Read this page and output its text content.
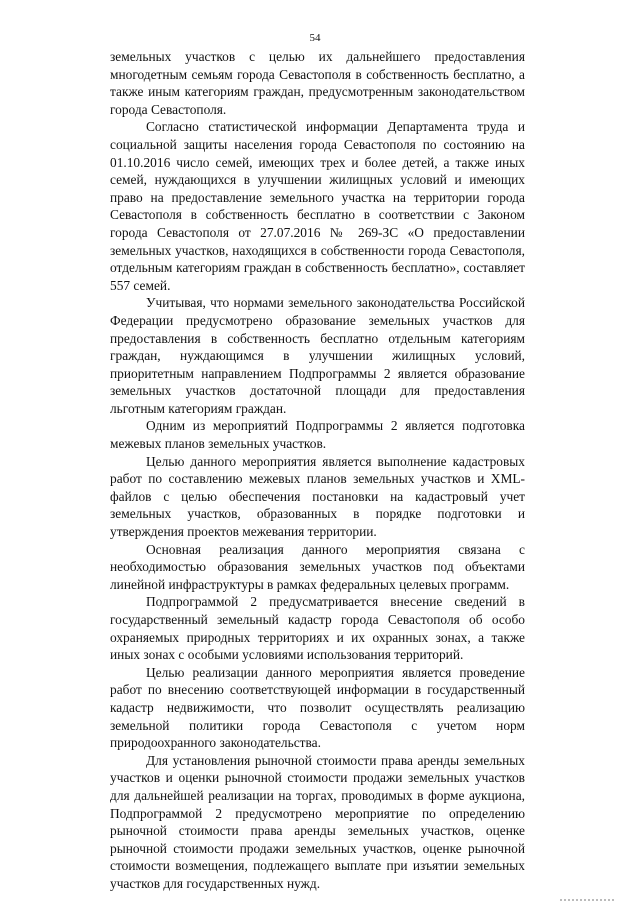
54

земельных участков с целью их дальнейшего предоставления многодетным семьям города Севастополя в собственность бесплатно, а также иным категориям граждан, предусмотренным законодательством города Севастополя.

Согласно статистической информации Департамента труда и социальной защиты населения города Севастополя по состоянию на 01.10.2016 число семей, имеющих трех и более детей, а также иных семей, нуждающихся в улучшении жилищных условий и имеющих право на предоставление земельного участка на территории города Севастополя в собственность бесплатно в соответствии с Законом города Севастополя от 27.07.2016 № 269-ЗС «О предоставлении земельных участков, находящихся в собственности города Севастополя, отдельным категориям граждан в собственность бесплатно», составляет 557 семей.

Учитывая, что нормами земельного законодательства Российской Федерации предусмотрено образование земельных участков для предоставления в собственность бесплатно отдельным категориям граждан, нуждающимся в улучшении жилищных условий, приоритетным направлением Подпрограммы 2 является образование земельных участков достаточной площади для предоставления льготным категориям граждан.

Одним из мероприятий Подпрограммы 2 является подготовка межевых планов земельных участков.

Целью данного мероприятия является выполнение кадастровых работ по составлению межевых планов земельных участков и XML-файлов с целью обеспечения постановки на кадастровый учет земельных участков, образованных в порядке подготовки и утверждения проектов межевания территории.

Основная реализация данного мероприятия связана с необходимостью образования земельных участков под объектами линейной инфраструктуры в рамках федеральных целевых программ.

Подпрограммой 2 предусматривается внесение сведений в государственный земельный кадастр города Севастополя об особо охраняемых природных территориях и их охранных зонах, а также иных зонах с особыми условиями использования территорий.

Целью реализации данного мероприятия является проведение работ по внесению соответствующей информации в государственный кадастр недвижимости, что позволит осуществлять реализацию земельной политики города Севастополя с учетом норм природоохранного законодательства.

Для установления рыночной стоимости права аренды земельных участков и оценки рыночной стоимости продажи земельных участков для дальнейшей реализации на торгах, проводимых в форме аукциона, Подпрограммой 2 предусмотрено мероприятие по определению рыночной стоимости права аренды земельных участков, оценке рыночной стоимости продажи земельных участков, оценке рыночной стоимости возмещения, подлежащего выплате при изъятии земельных участков для государственных нужд.
